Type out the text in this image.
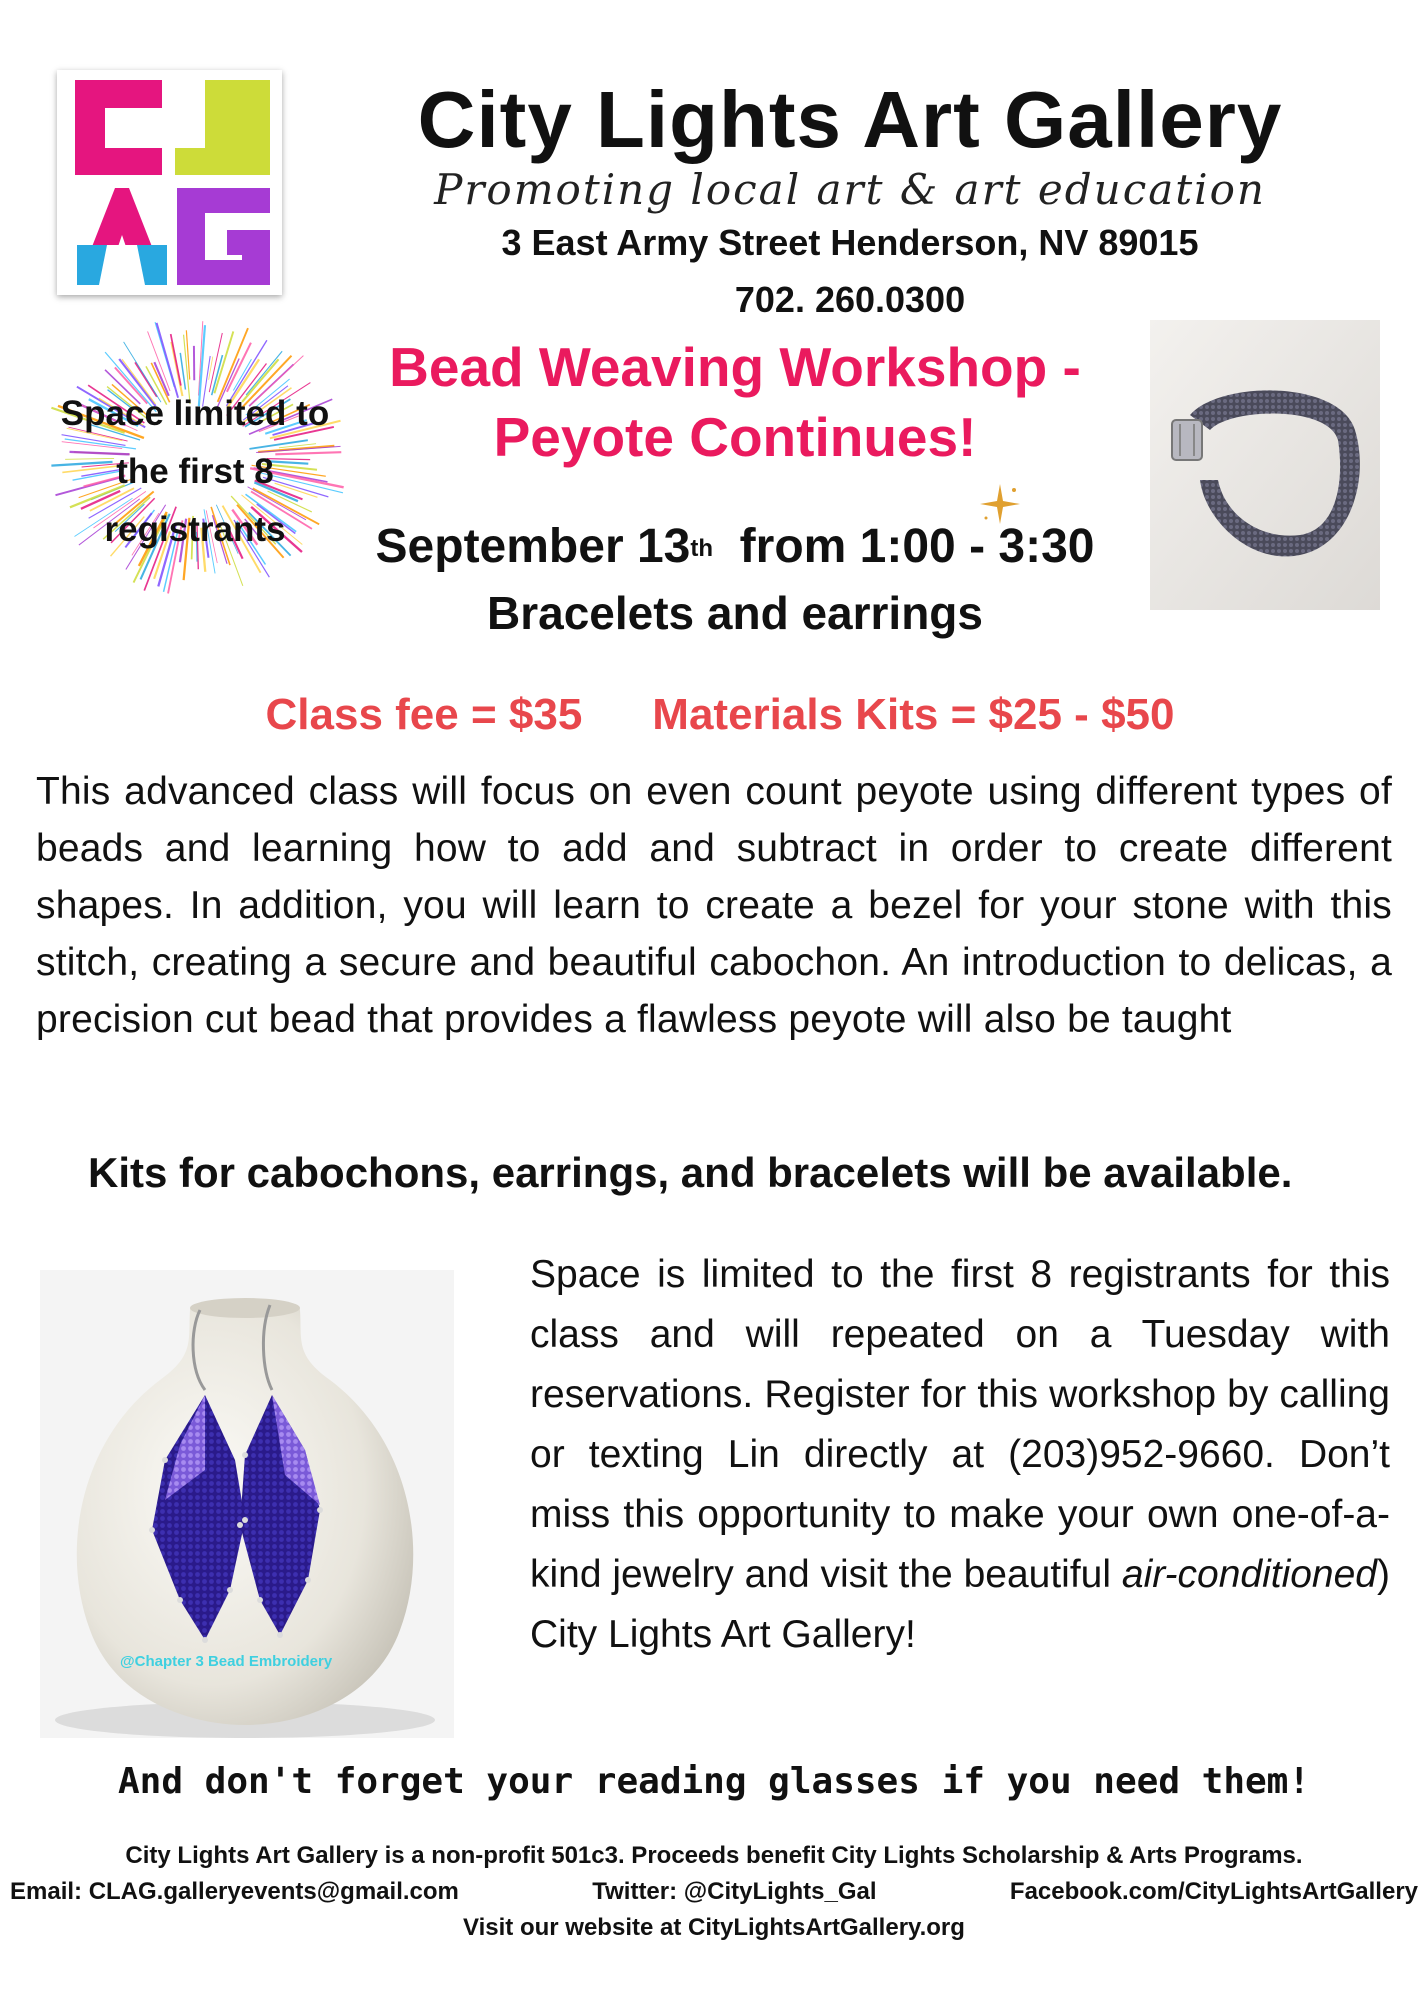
City Lights Art Gallery
Promoting local art & art education
3 East Army Street Henderson, NV 89015
702. 260.0300
Space limited to
the first 8
registrants
Bead Weaving Workshop -
Peyote Continues!
September 13th from 1:00 - 3:30
Bracelets and earrings
Class fee = $35 Materials Kits = $25 - $50
This advanced class will focus on even count peyote using different types of beads and learning how to add and subtract in order to create different shapes. In addition, you will learn to create a bezel for your stone with this stitch, creating a secure and beautiful cabochon. An introduction to delicas, a precision cut bead that provides a flawless peyote will also be taught
Kits for cabochons, earrings, and bracelets will be available.
@Chapter 3 Bead Embroidery
Space is limited to the first 8 registrants for this class and will repeated on a Tuesday with reservations. Register for this workshop by calling or texting Lin directly at (203)952-9660. Don’t miss this opportunity to make your own one-of-a-kind jewelry and visit the beautiful air-conditioned) City Lights Art Gallery!
And don't forget your reading glasses if you need them!
City Lights Art Gallery is a non-profit 501c3. Proceeds benefit City Lights Scholarship & Arts Programs.
Email: CLAG.galleryevents@gmail.com	Twitter: @CityLights_Gal	Facebook.com/CityLightsArtGallery
Visit our website at CityLightsArtGallery.org
